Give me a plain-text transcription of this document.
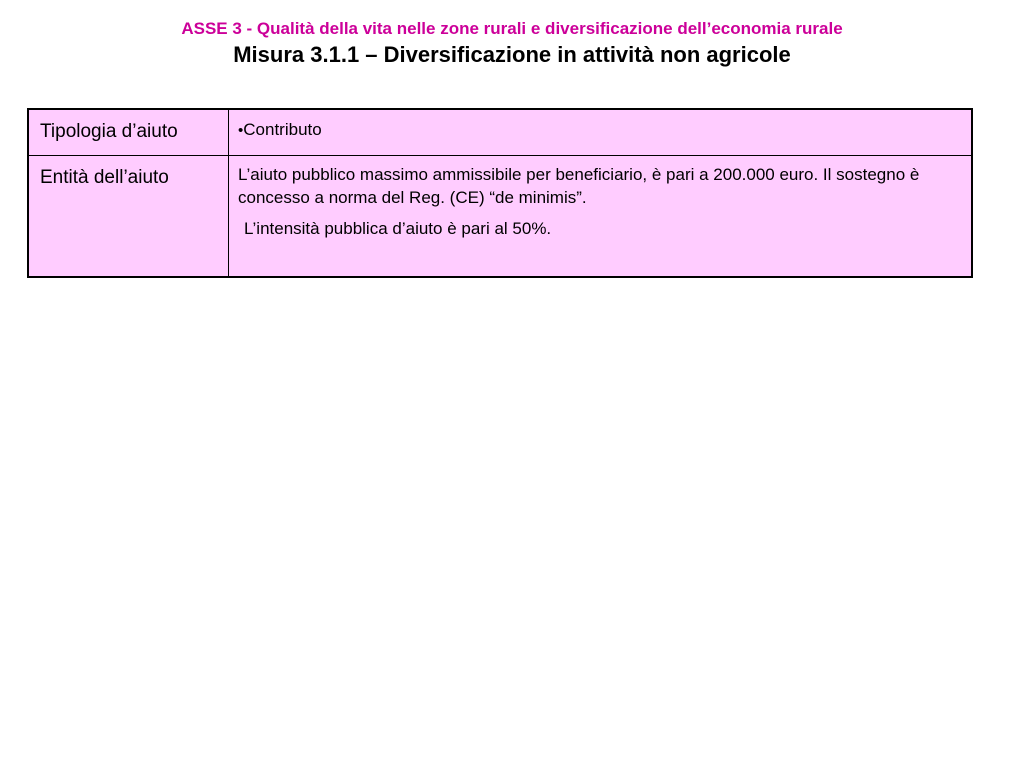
ASSE 3 - Qualità della vita nelle zone rurali e diversificazione dell’economia rurale
Misura 3.1.1 – Diversificazione in attività non agricole
Tipologia d’aiuto	•Contributo

Entità dell’aiuto	L’aiuto pubblico massimo ammissibile per beneficiario, è pari a 200.000 euro. Il sostegno è concesso a norma del Reg. (CE) “de minimis”.

L’intensità pubblica d’aiuto è pari al 50%.
